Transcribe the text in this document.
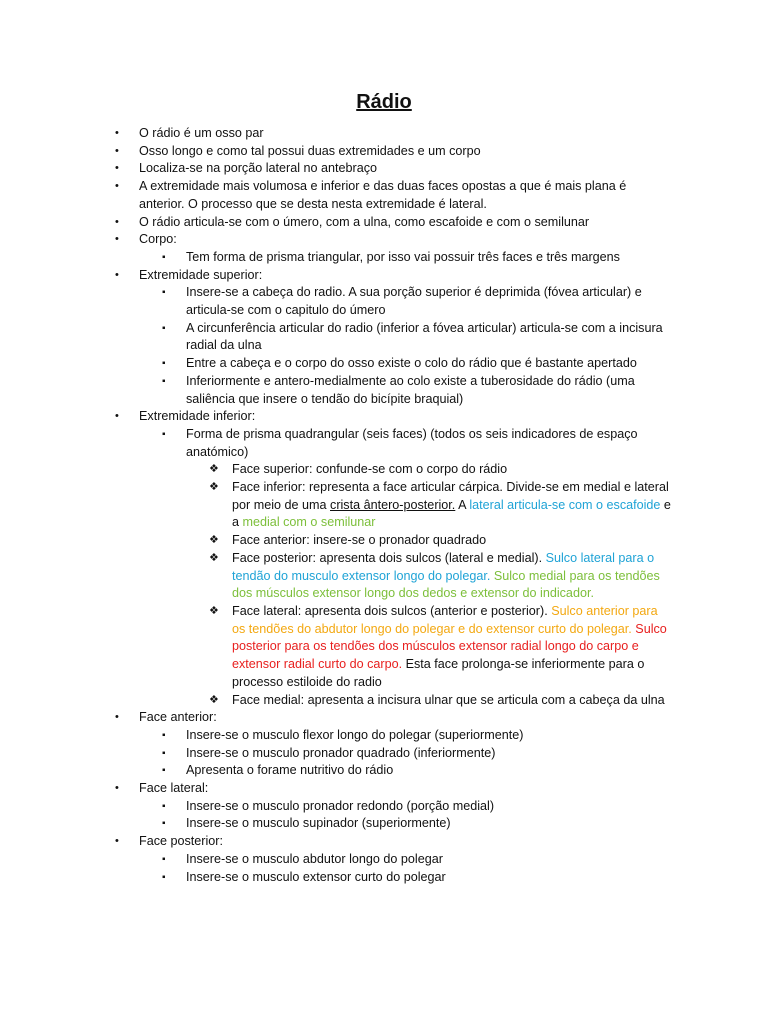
Rádio
• O rádio é um osso par
• Osso longo e como tal possui duas extremidades e um corpo
• Localiza-se na porção lateral no antebraço
• A extremidade mais volumosa e inferior e das duas faces opostas a que é mais plana é anterior. O processo que se desta nesta extremidade é lateral.
• O rádio articula-se com o úmero, com a ulna, como escafoide e com o semilunar
• Corpo:
▪ Tem forma de prisma triangular, por isso vai possuir três faces e três margens
• Extremidade superior:
▪ Insere-se a cabeça do radio. A sua porção superior é deprimida (fóvea articular) e articula-se com o capitulo do úmero
▪ A circunferência articular do radio (inferior a fóvea articular) articula-se com a incisura radial da ulna
▪ Entre a cabeça e o corpo do osso existe o colo do rádio que é bastante apertado
▪ Inferiormente e antero-medialmente ao colo existe a tuberosidade do rádio (uma saliência que insere o tendão do bicípite braquial)
• Extremidade inferior:
▪ Forma de prisma quadrangular (seis faces) (todos os seis indicadores de espaço anatómico)
❖ Face superior: confunde-se com o corpo do rádio
❖ Face inferior: representa a face articular cárpica. Divide-se em medial e lateral por meio de uma crista ântero-posterior. A lateral articula-se com o escafoide e a medial com o semilunar
❖ Face anterior: insere-se o pronador quadrado
❖ Face posterior: apresenta dois sulcos (lateral e medial). Sulco lateral para o tendão do musculo extensor longo do polegar. Sulco medial para os tendões dos músculos extensor longo dos dedos e extensor do indicador.
❖ Face lateral: apresenta dois sulcos (anterior e posterior). Sulco anterior para os tendões do abdutor longo do polegar e do extensor curto do polegar. Sulco posterior para os tendões dos músculos extensor radial longo do carpo e extensor radial curto do carpo. Esta face prolonga-se inferiormente para o processo estiloide do radio
❖ Face medial: apresenta a incisura ulnar que se articula com a cabeça da ulna
• Face anterior:
▪ Insere-se o musculo flexor longo do polegar (superiormente)
▪ Insere-se o musculo pronador quadrado (inferiormente)
▪ Apresenta o forame nutritivo do rádio
• Face lateral:
▪ Insere-se o musculo pronador redondo (porção medial)
▪ Insere-se o musculo supinador (superiormente)
• Face posterior:
▪ Insere-se o musculo abdutor longo do polegar
▪ Insere-se o musculo extensor curto do polegar
